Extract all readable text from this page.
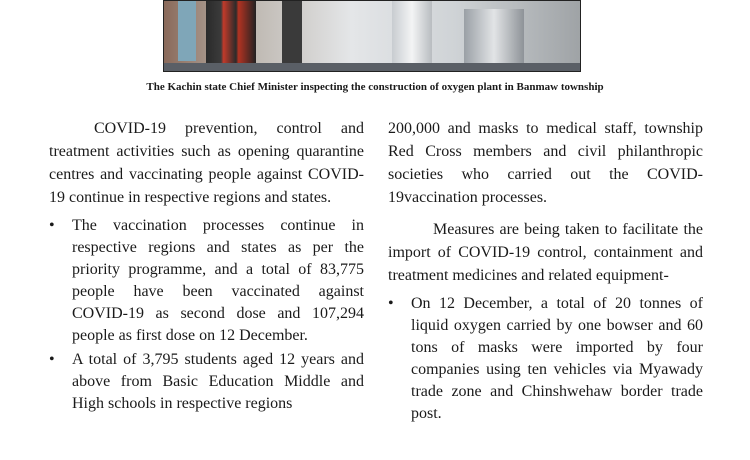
The Kachin state Chief Minister inspecting the construction of oxygen plant in Banmaw township

COVID-19 prevention, control and treatment activities such as opening quarantine centres and vaccinating people against COVID-19 continue in respective regions and states.

• The vaccination processes continue in respective regions and states as per the priority programme, and a total of 83,775 people have been vaccinated against COVID-19 as second dose and 107,294 people as first dose on 12 December.
• A total of 3,795 students aged 12 years and above from Basic Education Middle and High schools in respective regions

200,000 and masks to medical staff, township Red Cross members and civil philanthropic societies who carried out the COVID-19vaccination processes.

Measures are being taken to facilitate the import of COVID-19 control, containment and treatment medicines and related equipment-

• On 12 December, a total of 20 tonnes of liquid oxygen carried by one bowser and 60 tons of masks were imported by four companies using ten vehicles via Myawady trade zone and Chinshwehaw border trade post.
